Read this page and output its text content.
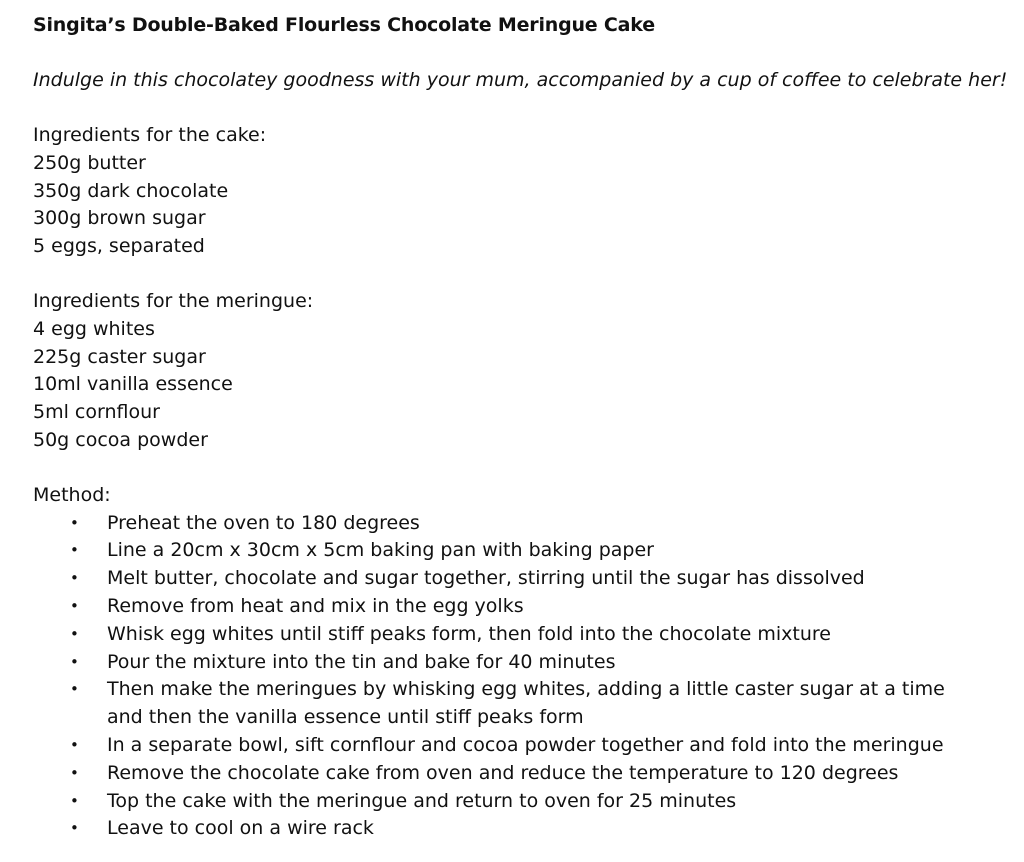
Singita’s Double-Baked Flourless Chocolate Meringue Cake

Indulge in this chocolatey goodness with your mum, accompanied by a cup of coffee to celebrate her!

Ingredients for the cake:

250g butter

350g dark chocolate

300g brown sugar

5 eggs, separated

Ingredients for the meringue:

4 egg whites

225g caster sugar

10ml vanilla essence

5ml cornflour

50g cocoa powder

Method:

• Preheat the oven to 180 degrees
• Line a 20cm x 30cm x 5cm baking pan with baking paper
• Melt butter, chocolate and sugar together, stirring until the sugar has dissolved
• Remove from heat and mix in the egg yolks
• Whisk egg whites until stiff peaks form, then fold into the chocolate mixture
• Pour the mixture into the tin and bake for 40 minutes
• Then make the meringues by whisking egg whites, adding a little caster sugar at a time and then the vanilla essence until stiff peaks form
• In a separate bowl, sift cornflour and cocoa powder together and fold into the meringue
• Remove the chocolate cake from oven and reduce the temperature to 120 degrees
• Top the cake with the meringue and return to oven for 25 minutes
• Leave to cool on a wire rack
